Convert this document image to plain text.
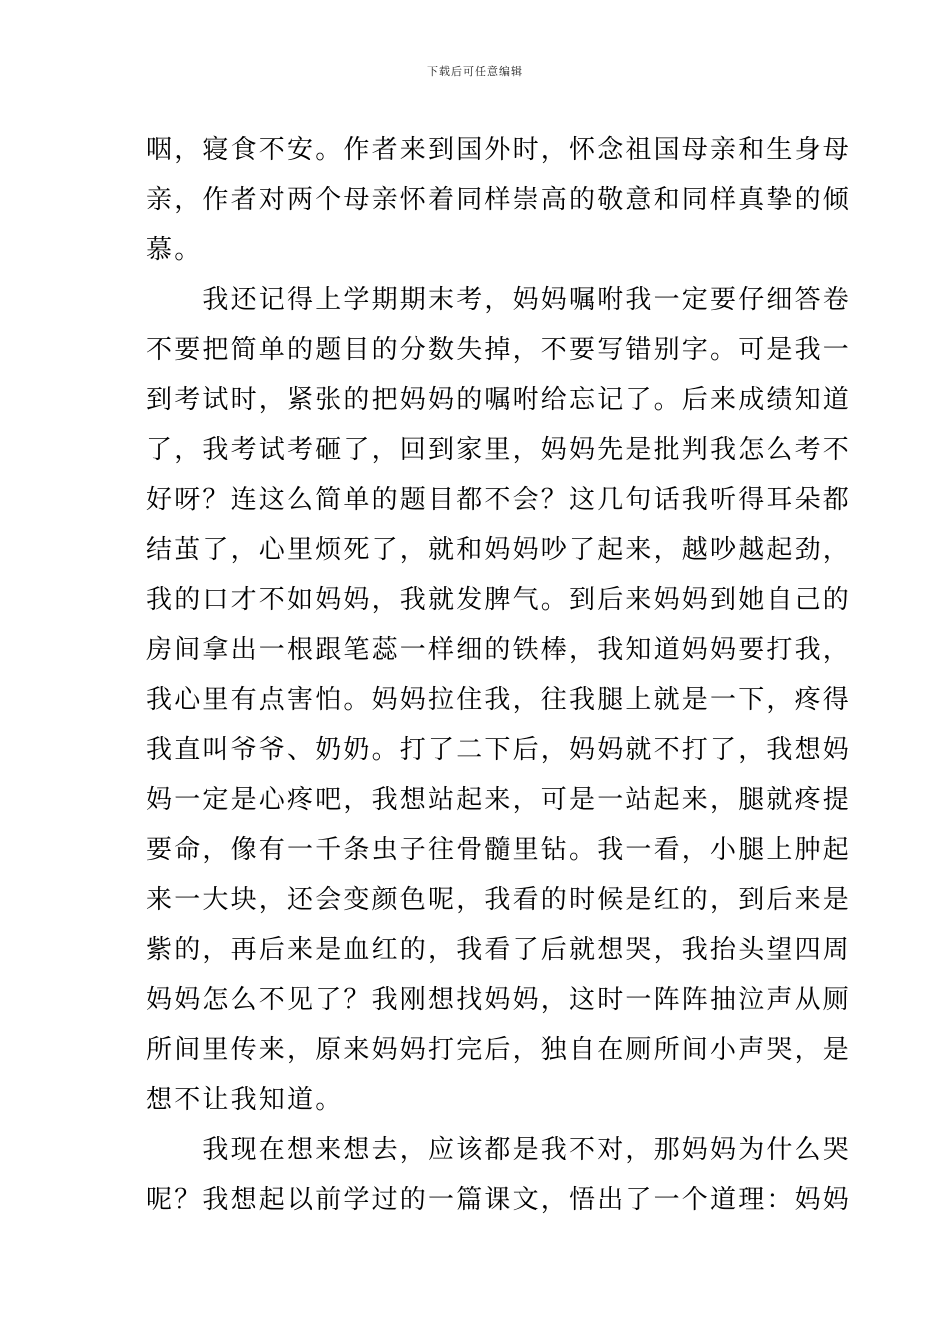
下载后可任意编辑
咽，寝食不安。作者来到国外时，怀念祖国母亲和生身母
亲，作者对两个母亲怀着同样崇高的敬意和同样真挚的倾
慕。
　　我还记得上学期期末考，妈妈嘱咐我一定要仔细答卷
不要把简单的题目的分数失掉，不要写错别字。可是我一
到考试时，紧张的把妈妈的嘱咐给忘记了。后来成绩知道
了，我考试考砸了，回到家里，妈妈先是批判我怎么考不
好呀？连这么简单的题目都不会？这几句话我听得耳朵都
结茧了，心里烦死了，就和妈妈吵了起来，越吵越起劲，
我的口才不如妈妈，我就发脾气。到后来妈妈到她自己的
房间拿出一根跟笔蕊一样细的铁棒，我知道妈妈要打我，
我心里有点害怕。妈妈拉住我，往我腿上就是一下，疼得
我直叫爷爷、奶奶。打了二下后，妈妈就不打了，我想妈
妈一定是心疼吧，我想站起来，可是一站起来，腿就疼提
要命，像有一千条虫子往骨髓里钻。我一看，小腿上肿起
来一大块，还会变颜色呢，我看的时候是红的，到后来是
紫的，再后来是血红的，我看了后就想哭，我抬头望四周
妈妈怎么不见了？我刚想找妈妈，这时一阵阵抽泣声从厕
所间里传来，原来妈妈打完后，独自在厕所间小声哭，是
想不让我知道。
　　我现在想来想去，应该都是我不对，那妈妈为什么哭
呢？我想起以前学过的一篇课文，悟出了一个道理：妈妈
